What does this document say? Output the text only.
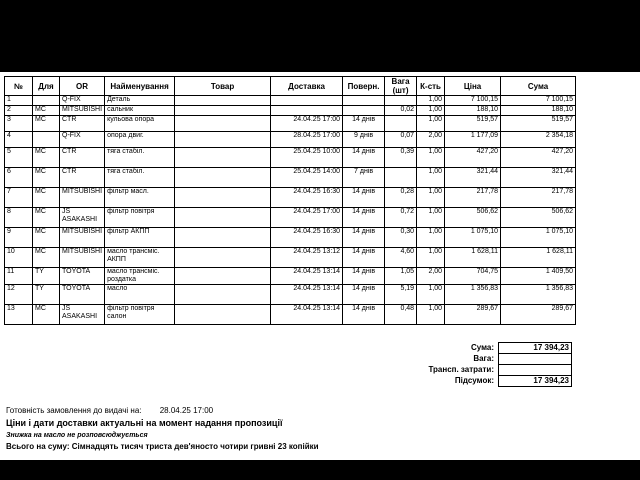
№	Для	OR	Найменування	Товар	Доставка	Поверн.	Вага (шт)	К-сть	Ціна	Сума
1		Q-FIX	Деталь					1,00	7 100,15	7 100,15
2	MC	MITSUBISHI	сальник				0,02	1,00	188,10	188,10
3	MC	CTR	кульова опора		24.04.25 17:00	14 днів		1,00	519,57	519,57
4		Q-FIX	опора двиг.		28.04.25 17:00	9 днів	0,07	2,00	1 177,09	2 354,18
5	MC	CTR	тяга стабіл.		25.04.25 10:00	14 днів	0,39	1,00	427,20	427,20
6	MC	CTR	тяга стабіл.		25.04.25 14:00	7 днів		1,00	321,44	321,44
7	MC	MITSUBISHI	фільтр масл.		24.04.25 16:30	14 днів	0,28	1,00	217,78	217,78
8	MC	JS ASAKASHI	фільтр повітря		24.04.25 17:00	14 днів	0,72	1,00	506,62	506,62
9	MC	MITSUBISHI	фільтр АКПП		24.04.25 16:30	14 днів	0,30	1,00	1 075,10	1 075,10
10	MC	MITSUBISHI	масло трансміс. АКПП		24.04.25 13:12	14 днів	4,60	1,00	1 628,11	1 628,11
11	TY	TOYOTA	масло трансміс. роздатка		24.04.25 13:14	14 днів	1,05	2,00	704,75	1 409,50
12	TY	TOYOTA	масло		24.04.25 13:14	14 днів	5,19	1,00	1 356,83	1 356,83
13	MC	JS ASAKASHI	фільтр повітря салон		24.04.25 13:14	14 днів	0,48	1,00	289,67	289,67
Сума:	17 394,23
Вага:
Трансп. затрати:
Підсумок:	17 394,23
Готовність замовлення до видачі на: 28.04.25 17:00
Ціни і дати доставки актуальні на момент надання пропозиції
Знижка на масло не розповсюджується
Всього на суму: Сімнадцять тисяч триста дев'яносто чотири гривні 23 копійки
